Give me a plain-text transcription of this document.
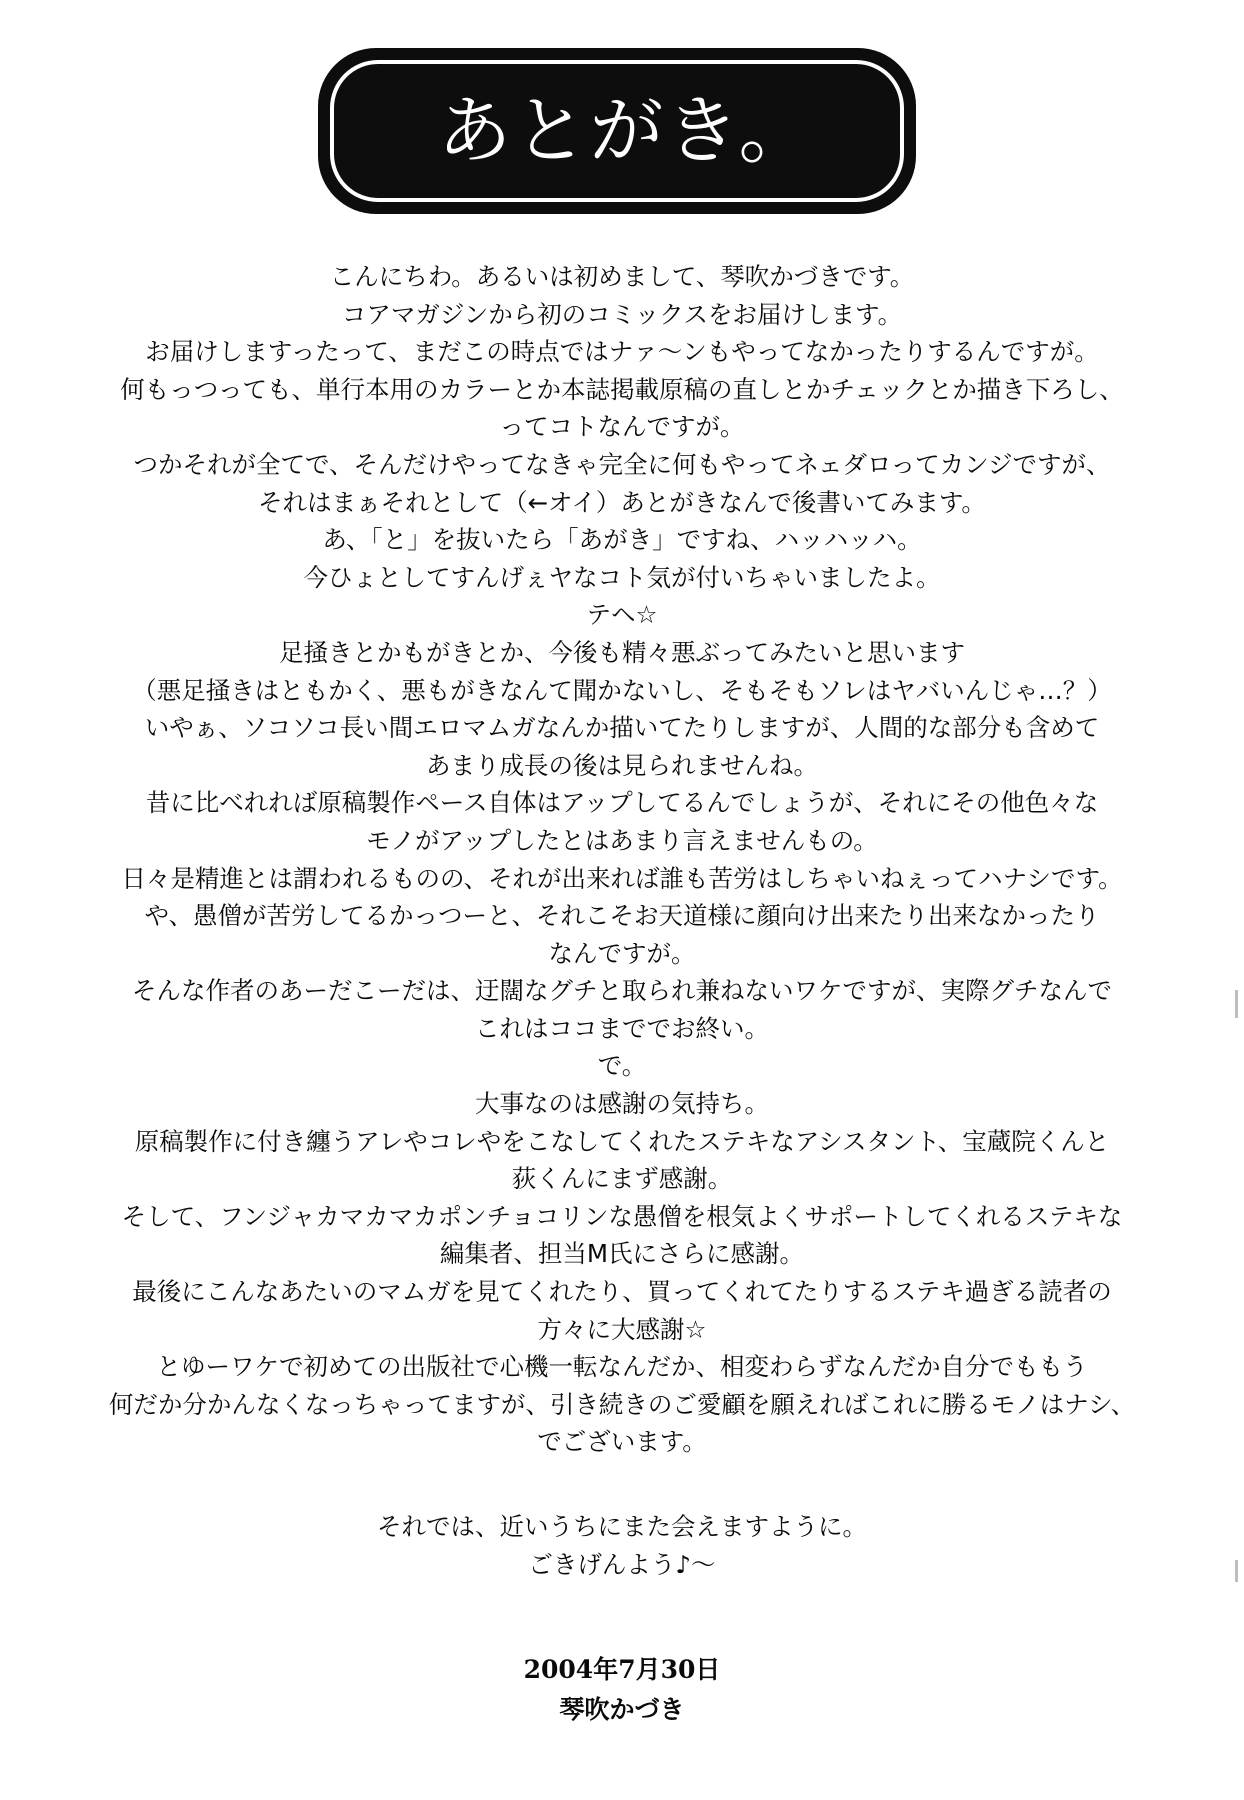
あとがき。
こんにちわ。あるいは初めまして、琴吹かづきです。
コアマガジンから初のコミックスをお届けします。
お届けしますったって、まだこの時点ではナァ〜ンもやってなかったりするんですが。
何もっつっても、単行本用のカラーとか本誌掲載原稿の直しとかチェックとか描き下ろし、
ってコトなんですが。
つかそれが全てで、そんだけやってなきゃ完全に何もやってネェダロってカンジですが、
それはまぁそれとして（←オイ）あとがきなんで後書いてみます。
あ、「と」を抜いたら「あがき」ですね、ハッハッハ。
今ひょとしてすんげぇヤなコト気が付いちゃいましたよ。
テヘ☆
足掻きとかもがきとか、今後も精々悪ぶってみたいと思います
（悪足掻きはともかく、悪もがきなんて聞かないし、そもそもソレはヤバいんじゃ…？）
いやぁ、ソコソコ長い間エロマムガなんか描いてたりしますが、人間的な部分も含めて
あまり成長の後は見られませんね。
昔に比べれれば原稿製作ペース自体はアップしてるんでしょうが、それにその他色々な
モノがアップしたとはあまり言えませんもの。
日々是精進とは謂われるものの、それが出来れば誰も苦労はしちゃいねぇってハナシです。
や、愚僧が苦労してるかっつーと、それこそお天道様に顔向け出来たり出来なかったり
なんですが。
そんな作者のあーだこーだは、迂闊なグチと取られ兼ねないワケですが、実際グチなんで
これはココまででお終い。
で。
大事なのは感謝の気持ち。
原稿製作に付き纏うアレやコレやをこなしてくれたステキなアシスタント、宝蔵院くんと
荻くんにまず感謝。
そして、フンジャカマカマカポンチョコリンな愚僧を根気よくサポートしてくれるステキな
編集者、担当M氏にさらに感謝。
最後にこんなあたいのマムガを見てくれたり、買ってくれてたりするステキ過ぎる読者の
方々に大感謝☆
とゆーワケで初めての出版社で心機一転なんだか、相変わらずなんだか自分でももう
何だか分かんなくなっちゃってますが、引き続きのご愛顧を願えればこれに勝るモノはナシ、
でございます。
それでは、近いうちにまた会えますように。
ごきげんよう♪〜
2004年7月30日
琴吹かづき
